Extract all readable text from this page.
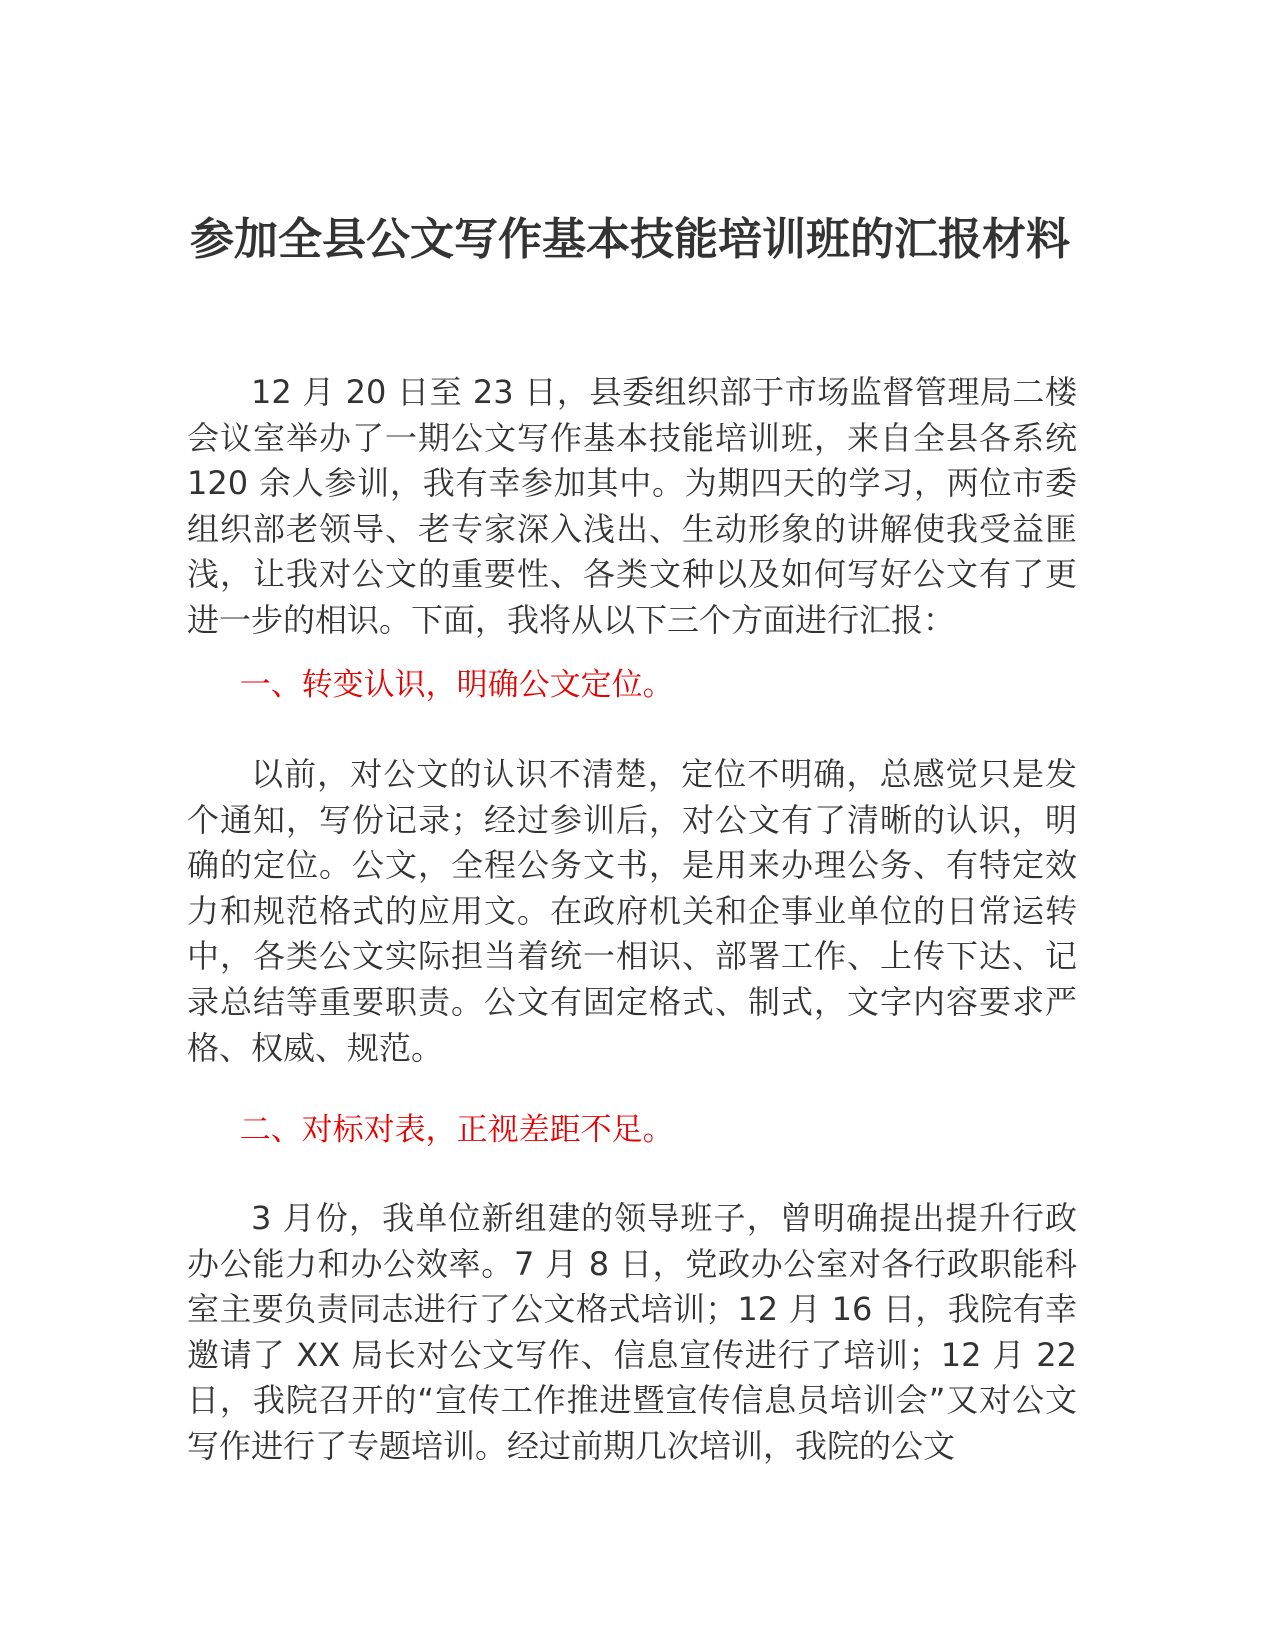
参加全县公文写作基本技能培训班的汇报材料

12 月 20 日至 23 日，县委组织部于市场监督管理局二楼会议室举办了一期公文写作基本技能培训班，来自全县各系统 120 余人参训，我有幸参加其中。为期四天的学习，两位市委组织部老领导、老专家深入浅出、生动形象的讲解使我受益匪浅，让我对公文的重要性、各类文种以及如何写好公文有了更进一步的相识。下面，我将从以下三个方面进行汇报：

一、转变认识，明确公文定位。

以前，对公文的认识不清楚，定位不明确，总感觉只是发个通知，写份记录；经过参训后，对公文有了清晰的认识，明确的定位。公文，全程公务文书，是用来办理公务、有特定效力和规范格式的应用文。在政府机关和企事业单位的日常运转中，各类公文实际担当着统一相识、部署工作、上传下达、记录总结等重要职责。公文有固定格式、制式，文字内容要求严格、权威、规范。

二、对标对表，正视差距不足。

3 月份，我单位新组建的领导班子，曾明确提出提升行政办公能力和办公效率。7 月 8 日，党政办公室对各行政职能科室主要负责同志进行了公文格式培训；12 月 16 日，我院有幸邀请了 XX 局长对公文写作、信息宣传进行了培训；12 月 22 日，我院召开的“宣传工作推进暨宣传信息员培训会”又对公文写作进行了专题培训。经过前期几次培训，我院的公文
